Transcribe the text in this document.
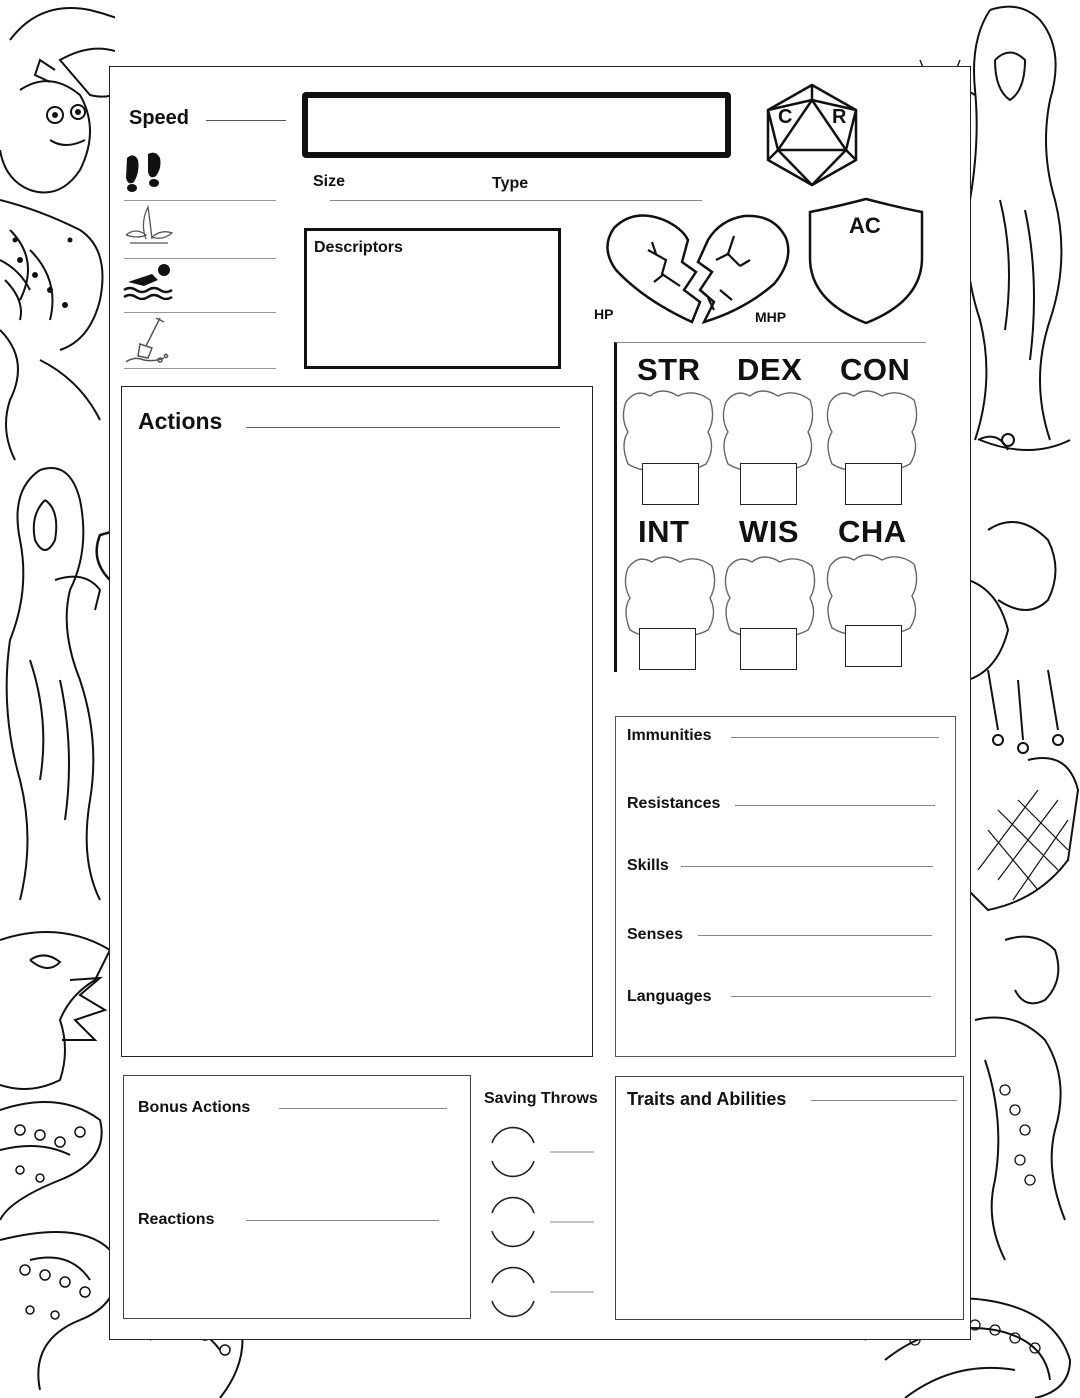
Speed
Size	Type
C R
Descriptors
HP	MHP
AC
STR DEX CON
INT WIS CHA
Actions
Immunities
Resistances
Skills
Senses
Languages
Bonus Actions
Reactions
Saving Throws Traits and Abilities
